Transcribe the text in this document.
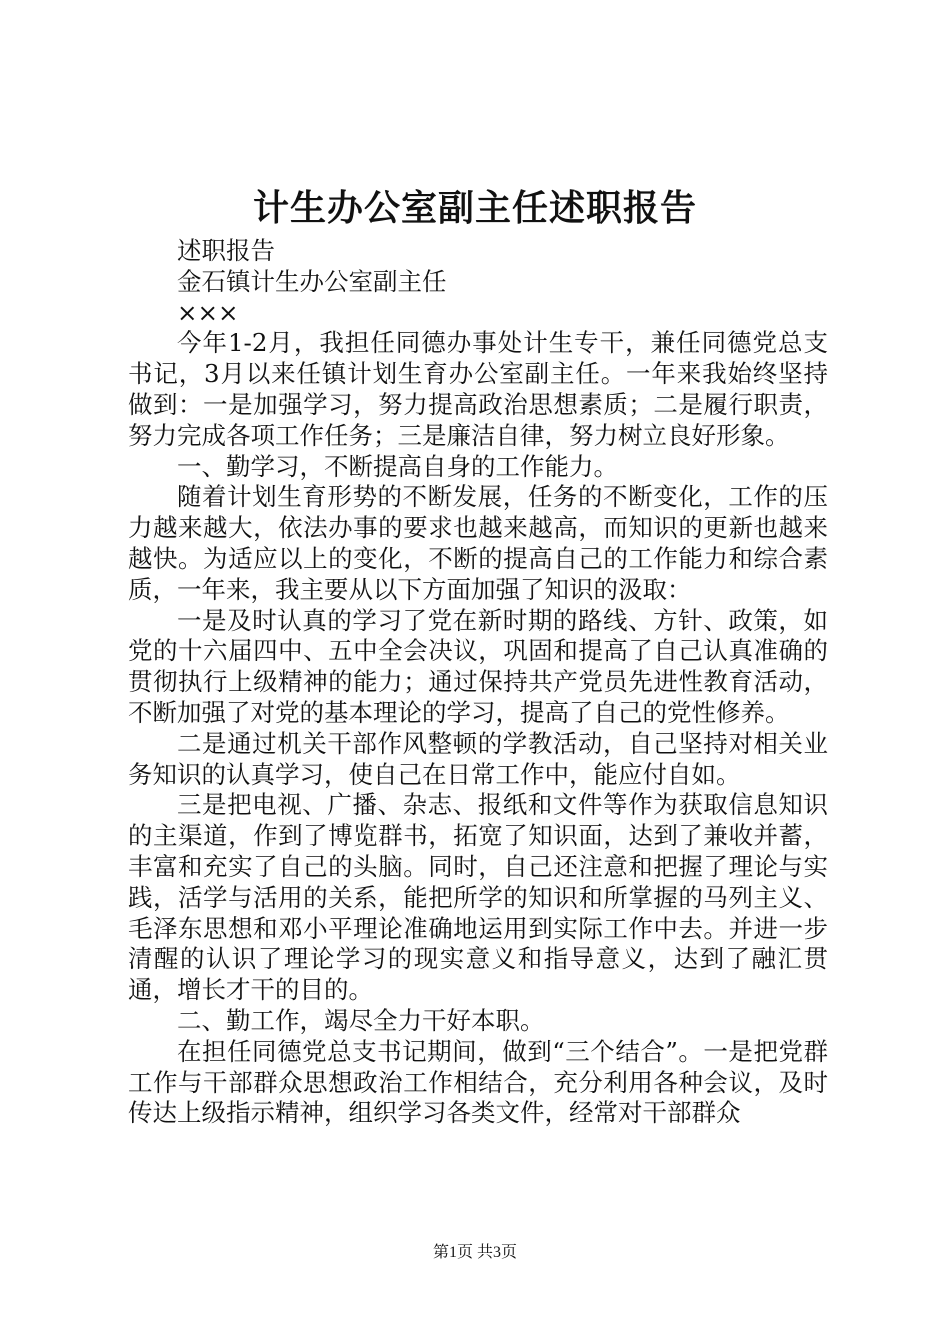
计生办公室副主任述职报告

述职报告

金石镇计生办公室副主任

×××

今年1-2月，我担任同德办事处计生专干，兼任同德党总支书记，3月以来任镇计划生育办公室副主任。一年来我始终坚持做到：一是加强学习，努力提高政治思想素质；二是履行职责，努力完成各项工作任务；三是廉洁自律，努力树立良好形象。

一、勤学习，不断提高自身的工作能力。

随着计划生育形势的不断发展，任务的不断变化，工作的压力越来越大，依法办事的要求也越来越高，而知识的更新也越来越快。为适应以上的变化，不断的提高自己的工作能力和综合素质，一年来，我主要从以下方面加强了知识的汲取：

一是及时认真的学习了党在新时期的路线、方针、政策，如党的十六届四中、五中全会决议，巩固和提高了自己认真准确的贯彻执行上级精神的能力；通过保持共产党员先进性教育活动，不断加强了对党的基本理论的学习，提高了自己的党性修养。

二是通过机关干部作风整顿的学教活动，自己坚持对相关业务知识的认真学习，使自己在日常工作中，能应付自如。

三是把电视、广播、杂志、报纸和文件等作为获取信息知识的主渠道，作到了博览群书，拓宽了知识面，达到了兼收并蓄，丰富和充实了自己的头脑。同时，自己还注意和把握了理论与实践，活学与活用的关系，能把所学的知识和所掌握的马列主义、毛泽东思想和邓小平理论准确地运用到实际工作中去。并进一步清醒的认识了理论学习的现实意义和指导意义，达到了融汇贯通，增长才干的目的。

二、勤工作，竭尽全力干好本职。

在担任同德党总支书记期间，做到“三个结合”。一是把党群工作与干部群众思想政治工作相结合，充分利用各种会议，及时传达上级指示精神，组织学习各类文件，经常对干部群众

第1页 共3页
